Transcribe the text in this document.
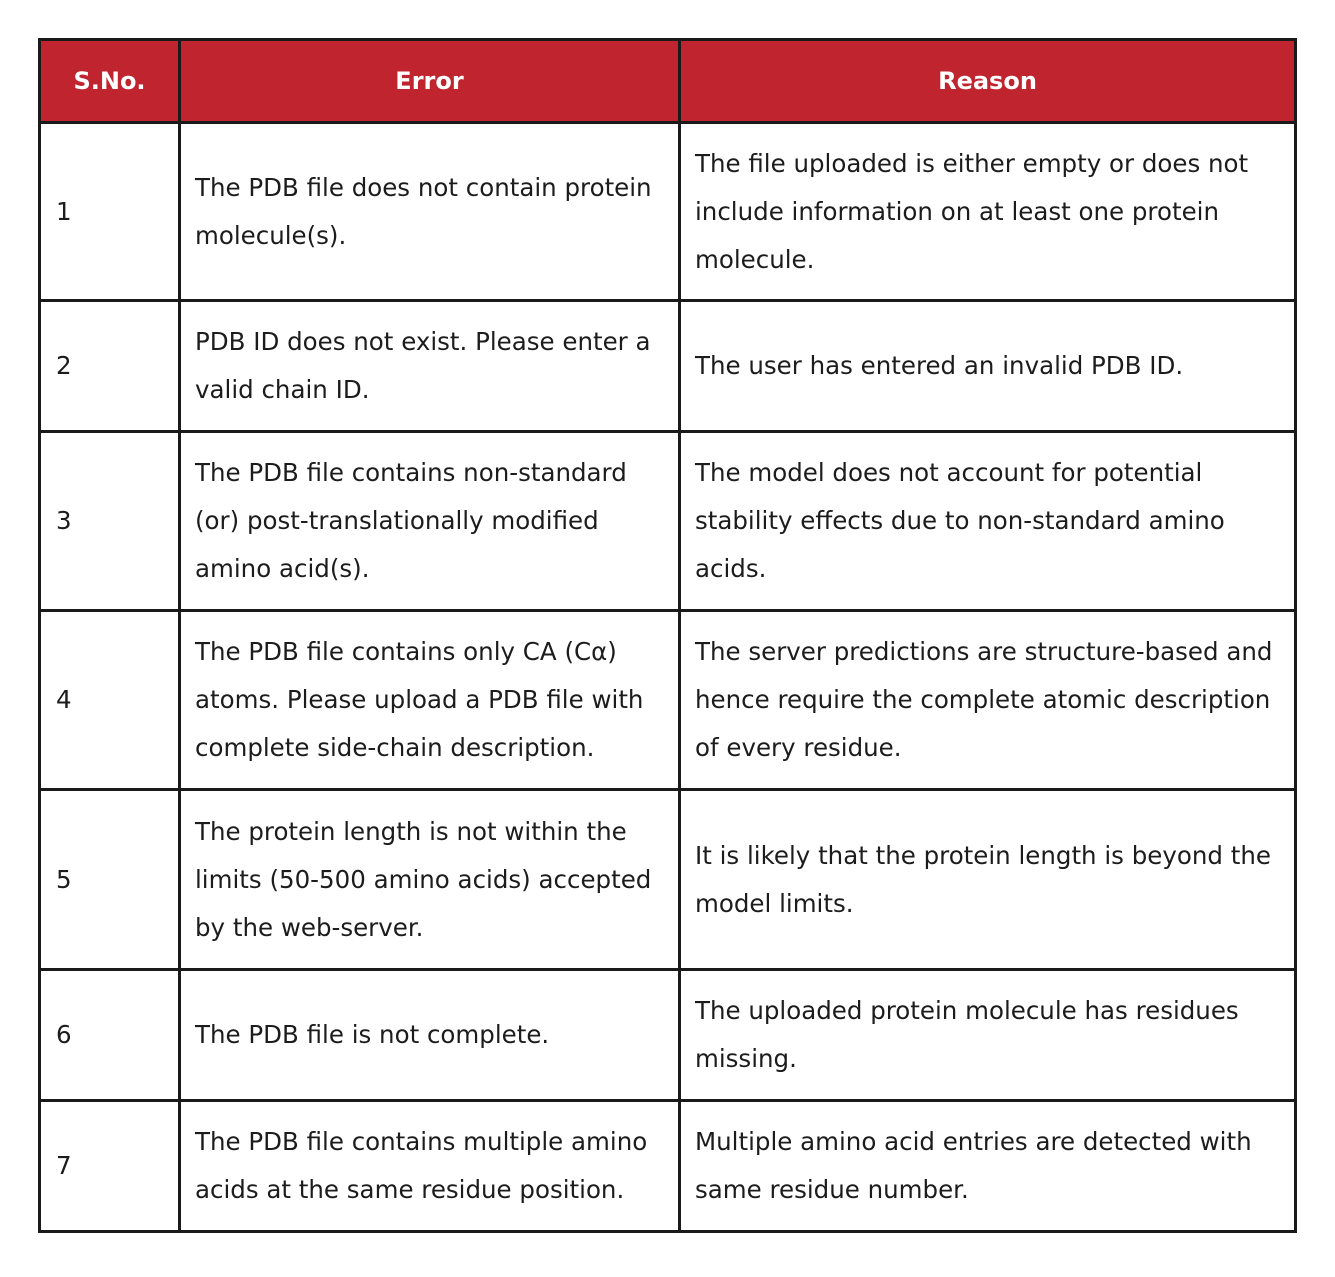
S.No.	Error	Reason
1	The PDB file does not contain protein molecule(s).	The file uploaded is either empty or does not include information on at least one protein molecule.
2	PDB ID does not exist. Please enter a valid chain ID.	The user has entered an invalid PDB ID.
3	The PDB file contains non-standard (or) post-translationally modified amino acid(s).	The model does not account for potential stability effects due to non-standard amino acids.
4	The PDB file contains only CA (Cα) atoms. Please upload a PDB file with complete side-chain description.	The server predictions are structure-based and hence require the complete atomic description of every residue.
5	The protein length is not within the limits (50-500 amino acids) accepted by the web-server.	It is likely that the protein length is beyond the model limits.
6	The PDB file is not complete.	The uploaded protein molecule has residues missing.
7	The PDB file contains multiple amino acids at the same residue position.	Multiple amino acid entries are detected with same residue number.
